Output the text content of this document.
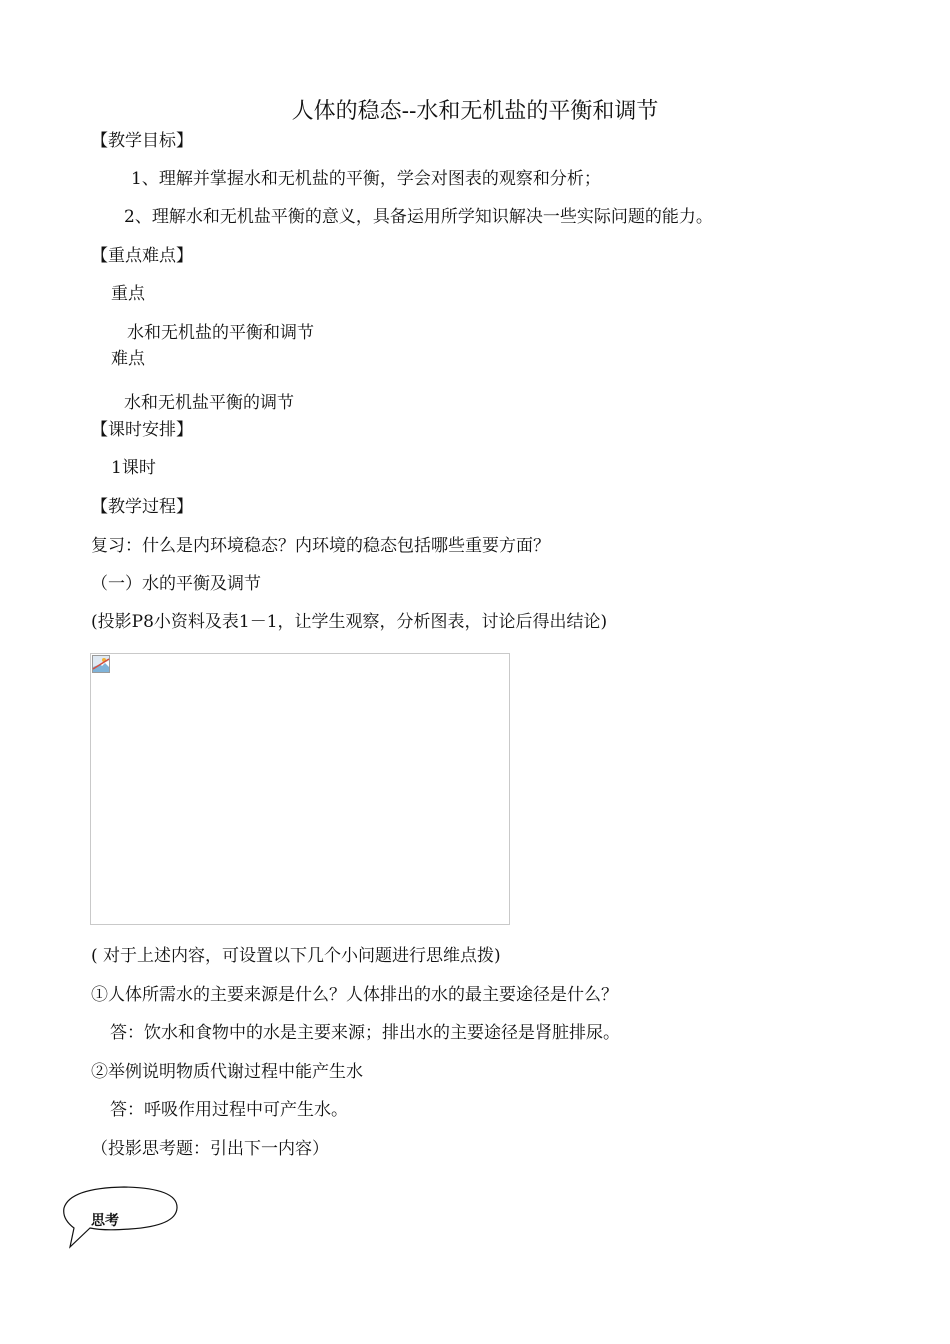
人体的稳态--水和无机盐的平衡和调节
【教学目标】
1、理解并掌握水和无机盐的平衡，学会对图表的观察和分析；
2、理解水和无机盐平衡的意义，具备运用所学知识解决一些实际问题的能力。
【重点难点】
重点
水和无机盐的平衡和调节
难点
水和无机盐平衡的调节
【课时安排】
1课时
【教学过程】
复习：什么是内环境稳态？内环境的稳态包括哪些重要方面？
（一）水的平衡及调节
(投影P8小资料及表1－1，让学生观察，分析图表，讨论后得出结论)
( 对于上述内容，可设置以下几个小问题进行思维点拨)
①人体所需水的主要来源是什么？人体排出的水的最主要途径是什么？
答：饮水和食物中的水是主要来源；排出水的主要途径是肾脏排尿。
②举例说明物质代谢过程中能产生水
答：呼吸作用过程中可产生水。
（投影思考题：引出下一内容）
思考
